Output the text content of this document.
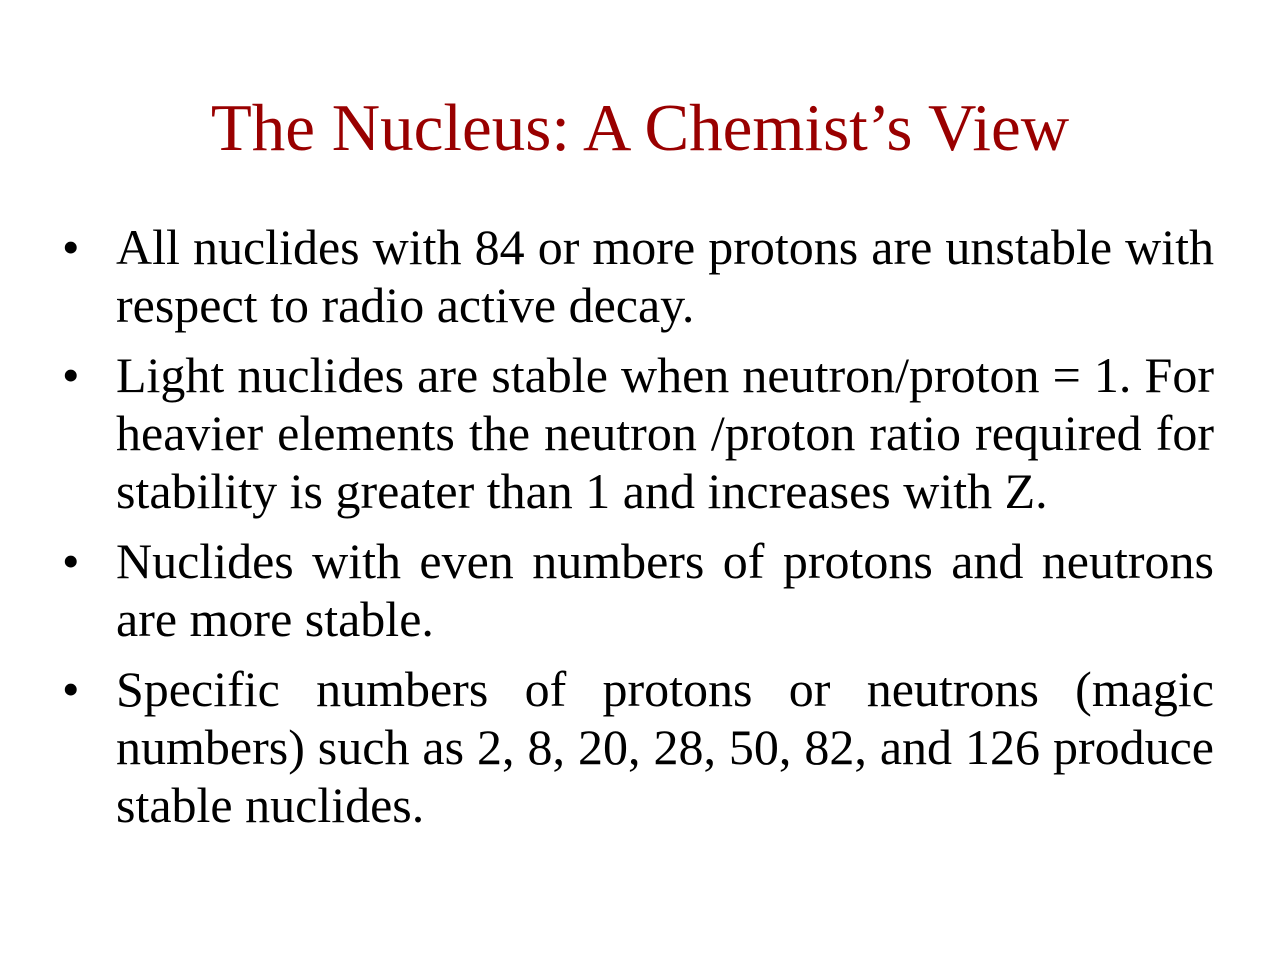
The Nucleus: A Chemist’s View
• All nuclides with 84 or more protons are unstable with respect to radio active decay.
• Light nuclides are stable when neutron/proton = 1. For heavier elements the neutron /proton ratio required for stability is greater than 1 and increases with Z.
• Nuclides with even numbers of protons and neutrons are more stable.
• Specific numbers of protons or neutrons (magic numbers) such as 2, 8, 20, 28, 50, 82, and 126 produce stable nuclides.
